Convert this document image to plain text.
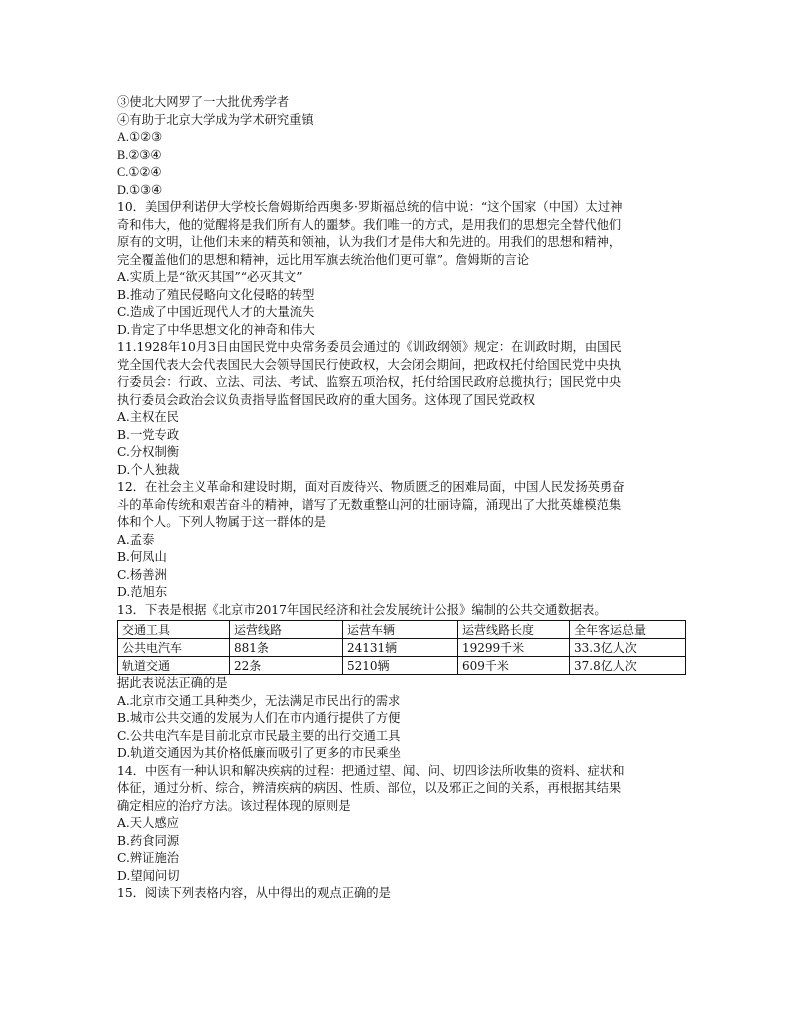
③使北大网罗了一大批优秀学者
④有助于北京大学成为学术研究重镇
A.①②③
B.②③④
C.①②④
D.①③④
10．美国伊利诺伊大学校长詹姆斯给西奥多·罗斯福总统的信中说：“这个国家（中国）太过神
奇和伟大，他的觉醒将是我们所有人的噩梦。我们唯一的方式，是用我们的思想完全替代他们
原有的文明，让他们未来的精英和领袖，认为我们才是伟大和先进的。用我们的思想和精神，
完全覆盖他们的思想和精神，远比用军旗去统治他们更可靠”。詹姆斯的言论
A.实质上是“欲灭其国”“必灭其文”
B.推动了殖民侵略向文化侵略的转型
C.造成了中国近现代人才的大量流失
D.肯定了中华思想文化的神奇和伟大
11.1928年10月3日由国民党中央常务委员会通过的《训政纲领》规定：在训政时期，由国民
党全国代表大会代表国民大会领导国民行使政权，大会闭会期间，把政权托付给国民党中央执
行委员会：行政、立法、司法、考试、监察五项治权，托付给国民政府总揽执行；国民党中央
执行委员会政治会议负责指导监督国民政府的重大国务。这体现了国民党政权
A.主权在民
B.一党专政
C.分权制衡
D.个人独裁
12．在社会主义革命和建设时期，面对百废待兴、物质匮乏的困难局面，中国人民发扬英勇奋
斗的革命传统和艰苦奋斗的精神，谱写了无数重整山河的壮丽诗篇，涌现出了大批英雄模范集
体和个人。下列人物属于这一群体的是
A.孟泰
B.何凤山
C.杨善洲
D.范旭东
13．下表是根据《北京市2017年国民经济和社会发展统计公报》编制的公共交通数据表。
交通工具	运营线路	运营车辆	运营线路长度	全年客运总量
公共电汽车	881条	24131辆	19299千米	33.3亿人次
轨道交通	22条	5210辆	609千米	37.8亿人次
据此表说法正确的是
A.北京市交通工具种类少，无法满足市民出行的需求
B.城市公共交通的发展为人们在市内通行提供了方便
C.公共电汽车是目前北京市民最主要的出行交通工具
D.轨道交通因为其价格低廉而吸引了更多的市民乘坐
14．中医有一种认识和解决疾病的过程：把通过望、闻、问、切四诊法所收集的资料、症状和
体征，通过分析、综合，辨清疾病的病因、性质、部位，以及邪正之间的关系，再根据其结果
确定相应的治疗方法。该过程体现的原则是
A.天人感应
B.药食同源
C.辨证施治
D.望闻问切
15．阅读下列表格内容，从中得出的观点正确的是
